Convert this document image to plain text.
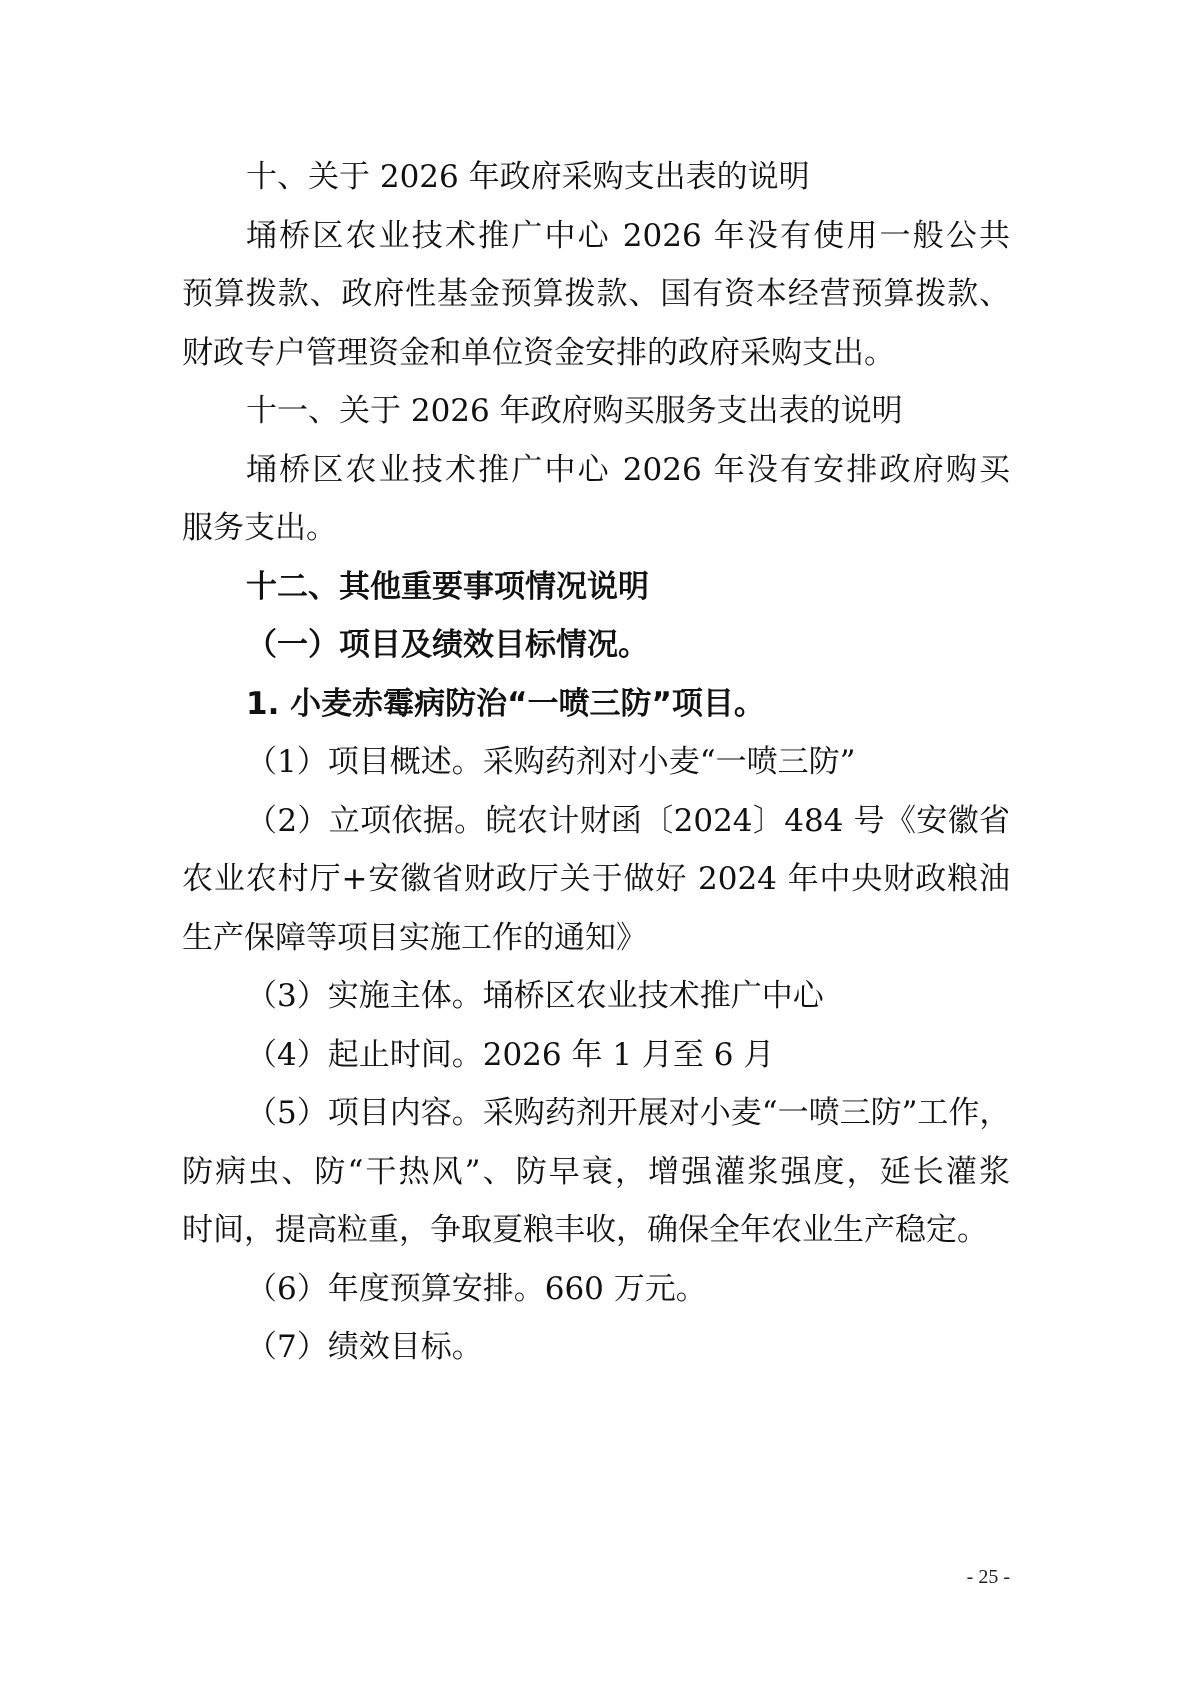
十、关于 2026 年政府采购支出表的说明
埇桥区农业技术推广中心 2026 年没有使用一般公共
预算拨款、政府性基金预算拨款、国有资本经营预算拨款、
财政专户管理资金和单位资金安排的政府采购支出。
十一、关于 2026 年政府购买服务支出表的说明
埇桥区农业技术推广中心 2026 年没有安排政府购买
服务支出。
十二、其他重要事项情况说明
（一）项目及绩效目标情况。
1. 小麦赤霉病防治“一喷三防”项目。
（1）项目概述。采购药剂对小麦“一喷三防”
（2）立项依据。皖农计财函〔2024〕484 号《安徽省
农业农村厅+安徽省财政厅关于做好 2024 年中央财政粮油
生产保障等项目实施工作的通知》
（3）实施主体。埇桥区农业技术推广中心
（4）起止时间。2026 年 1 月至 6 月
（5）项目内容。采购药剂开展对小麦“一喷三防”工作，
防病虫、防“干热风”、防早衰，增强灌浆强度，延长灌浆
时间，提高粒重，争取夏粮丰收，确保全年农业生产稳定。
（6）年度预算安排。660 万元。
（7）绩效目标。
- 25 -
